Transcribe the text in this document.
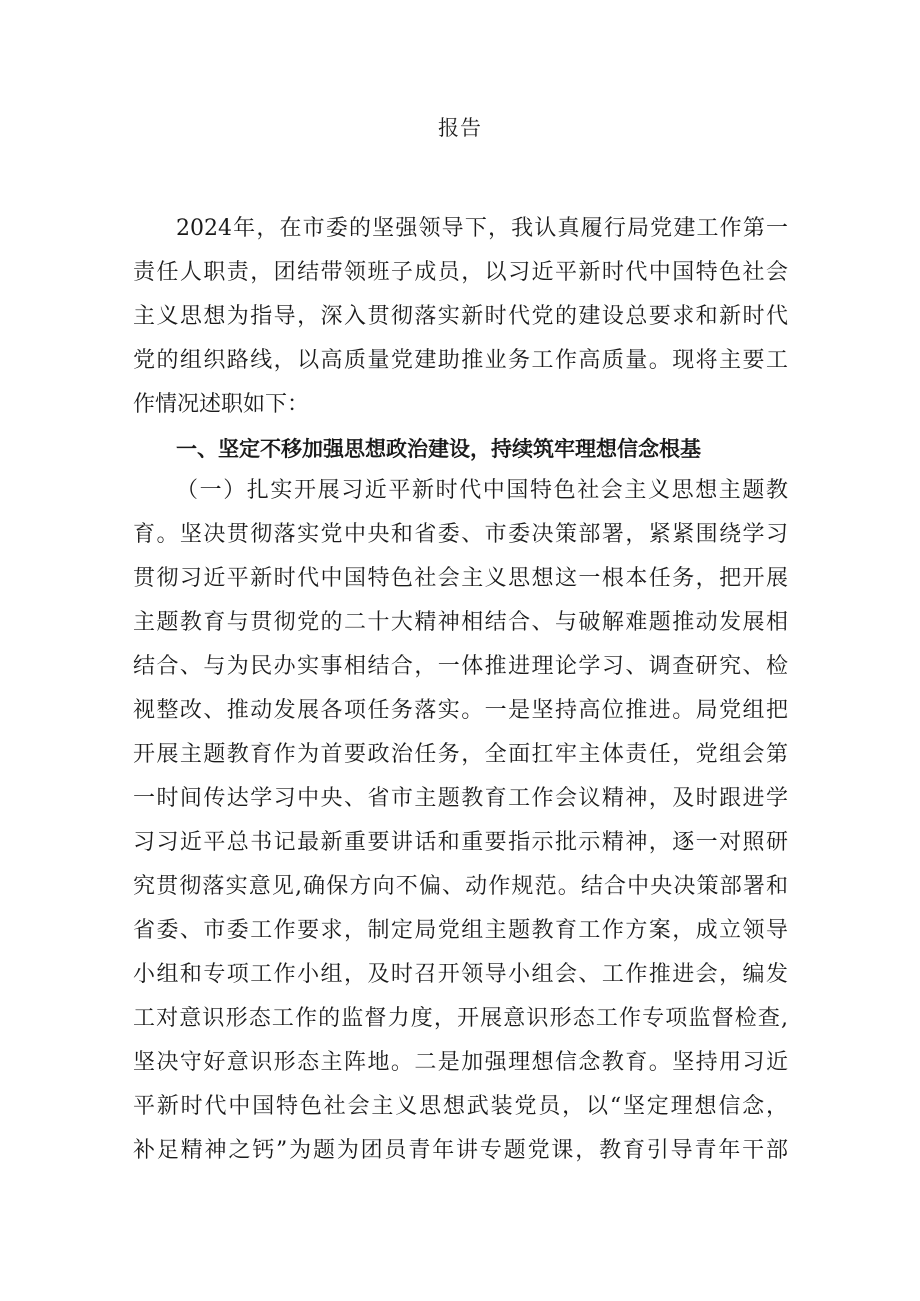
报告
2024年，在市委的坚强领导下，我认真履行局党建工作第一
责任人职责，团结带领班子成员，以习近平新时代中国特色社会
主义思想为指导，深入贯彻落实新时代党的建设总要求和新时代
党的组织路线，以高质量党建助推业务工作高质量。现将主要工
作情况述职如下：
一、坚定不移加强思想政治建设，持续筑牢理想信念根基
（一）扎实开展习近平新时代中国特色社会主义思想主题教
育。坚决贯彻落实党中央和省委、市委决策部署，紧紧围绕学习
贯彻习近平新时代中国特色社会主义思想这一根本任务，把开展
主题教育与贯彻党的二十大精神相结合、与破解难题推动发展相
结合、与为民办实事相结合，一体推进理论学习、调查研究、检
视整改、推动发展各项任务落实。一是坚持高位推进。局党组把
开展主题教育作为首要政治任务，全面扛牢主体责任，党组会第
一时间传达学习中央、省市主题教育工作会议精神，及时跟进学
习习近平总书记最新重要讲话和重要指示批示精神，逐一对照研
究贯彻落实意见,确保方向不偏、动作规范。结合中央决策部署和
省委、市委工作要求，制定局党组主题教育工作方案，成立领导
小组和专项工作小组，及时召开领导小组会、工作推进会，编发
工对意识形态工作的监督力度，开展意识形态工作专项监督检查,
坚决守好意识形态主阵地。二是加强理想信念教育。坚持用习近
平新时代中国特色社会主义思想武装党员，以“坚定理想信念，
补足精神之钙”为题为团员青年讲专题党课，教育引导青年干部
